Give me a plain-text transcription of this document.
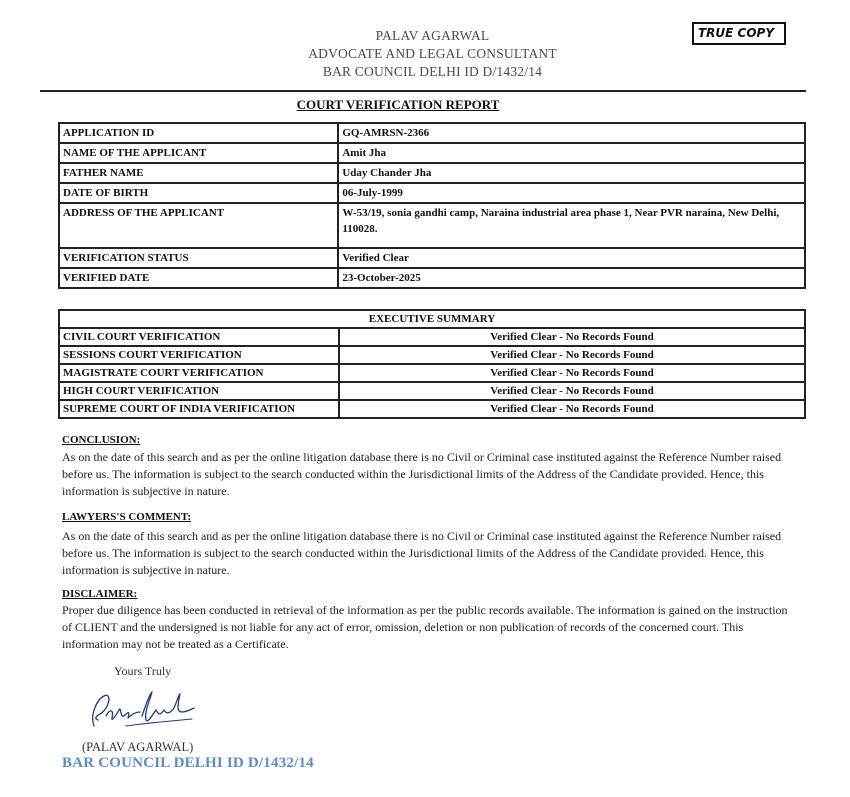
PALAV AGARWAL
ADVOCATE AND LEGAL CONSULTANT
BAR COUNCIL DELHI ID D/1432/14
TRUE COPY
COURT VERIFICATION REPORT
APPLICATION ID	GQ-AMRSN-2366
NAME OF THE APPLICANT	Amit Jha
FATHER NAME	Uday Chander Jha
DATE OF BIRTH	06-July-1999
ADDRESS OF THE APPLICANT	W-53/19, sonia gandhi camp, Naraina industrial area phase 1, Near PVR naraina, New Delhi, 110028.
VERIFICATION STATUS	Verified Clear
VERIFIED DATE	23-October-2025
EXECUTIVE SUMMARY	
CIVIL COURT VERIFICATION	Verified Clear - No Records Found
SESSIONS COURT VERIFICATION	Verified Clear - No Records Found
MAGISTRATE COURT VERIFICATION	Verified Clear - No Records Found
HIGH COURT VERIFICATION	Verified Clear - No Records Found
SUPREME COURT OF INDIA VERIFICATION	Verified Clear - No Records Found
CONCLUSION:
As on the date of this search and as per the online litigation database there is no Civil or Criminal case instituted against the Reference Number raised before us. The information is subject to the search conducted within the Jurisdictional limits of the Address of the Candidate provided. Hence, this information is subjective in nature.
LAWYERS'S COMMENT:
As on the date of this search and as per the online litigation database there is no Civil or Criminal case instituted against the Reference Number raised before us. The information is subject to the search conducted within the Jurisdictional limits of the Address of the Candidate provided. Hence, this information is subjective in nature.
DISCLAIMER:
Proper due diligence has been conducted in retrieval of the information as per the public records available. The information is gained on the instruction of CLIENT and the undersigned is not liable for any act of error, omission, deletion or non publication of records of the concerned court. This information may not be treated as a Certificate.
Yours Truly
(PALAV AGARWAL)
BAR COUNCIL DELHI ID D/1432/14
